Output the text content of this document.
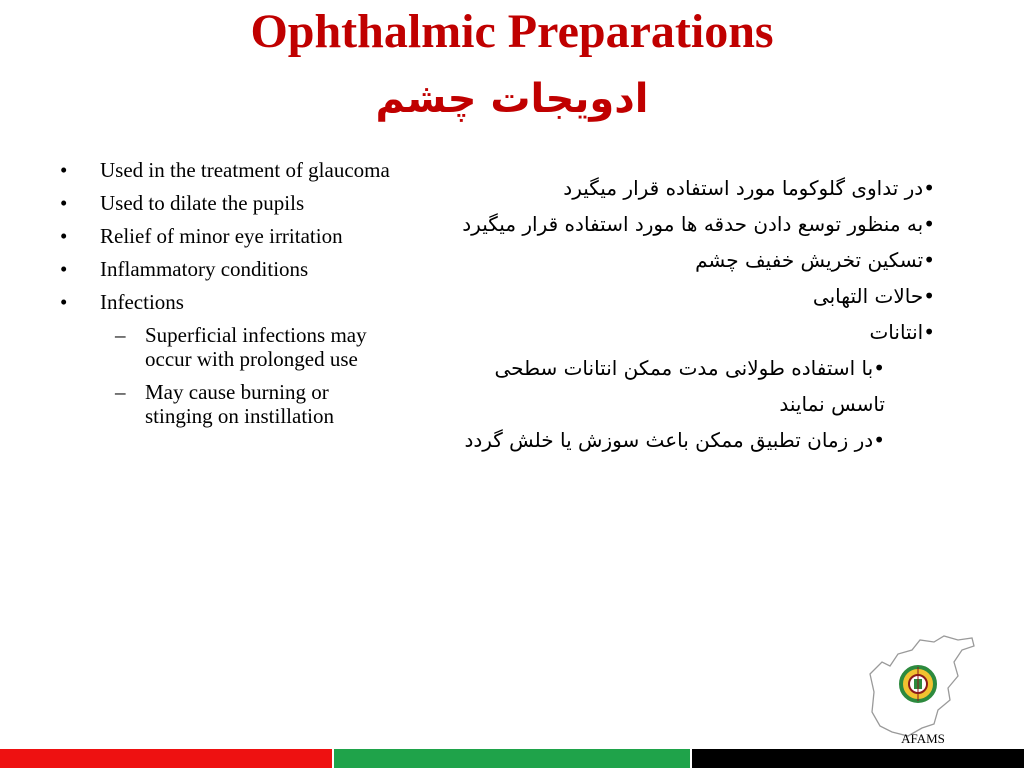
Ophthalmic Preparations
ادویجات چشم
• Used in the treatment of glaucoma
• Used to dilate the pupils
• Relief of minor eye irritation
• Inflammatory conditions
• Infections
– Superficial infections may occur with prolonged use
– May cause burning or stinging on instillation
•در تداوی گلوکوما مورد استفاده قرار میگیرد
•به منظور توسع دادن حدقه ها مورد استفاده قرار میگیرد
•تسکین تخریش خفیف چشم
•حالات التهابی
•انتانات
•با استفاده طولانی مدت ممکن انتانات سطحی تاسس نمایند
•در زمان تطبیق ممکن باعث سوزش یا خلش گردد
AFAMS
